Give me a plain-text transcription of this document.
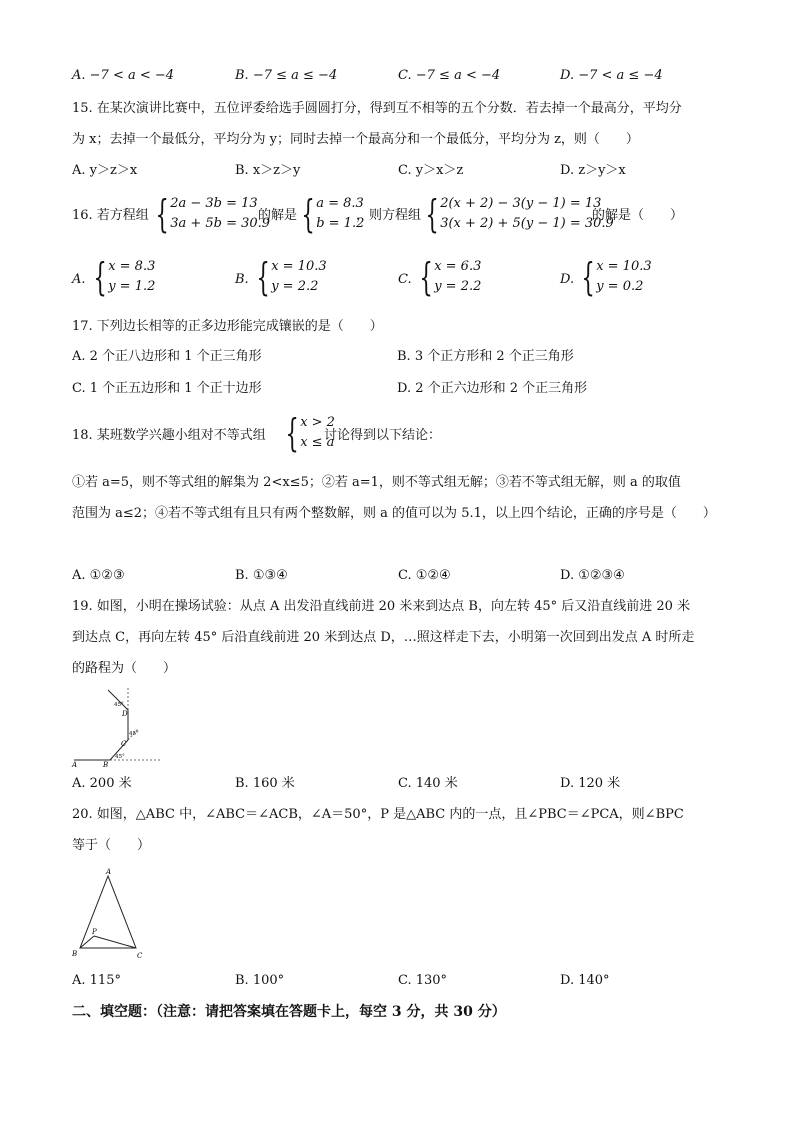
A. −7 < a < −4	B. −7 ≤ a ≤ −4	C. −7 ≤ a < −4	D. −7 < a ≤ −4
15. 在某次演讲比赛中，五位评委给选手圆圆打分，得到互不相等的五个分数．若去掉一个最高分，平均分
为 x；去掉一个最低分，平均分为 y；同时去掉一个最高分和一个最低分，平均分为 z，则（　　）
A. y＞z＞x	B. x＞z＞y	C. y＞x＞z	D. z＞y＞x
16. 若方程组 { 2a − 3b = 13
3a + 5b = 30.9
的解是 { a = 8.3
b = 1.2
，则方程组 { 2(x + 2) − 3(y − 1) = 13
3(x + 2) + 5(y − 1) = 30.9
的解是（　　）
A. { x = 8.3
y = 1.2	B. { x = 10.3
y = 2.2	C. { x = 6.3
y = 2.2	D. { x = 10.3
y = 0.2
17. 下列边长相等的正多边形能完成镶嵌的是（　　）
A. 2 个正八边形和 1 个正三角形	B. 3 个正方形和 2 个正三角形
C. 1 个正五边形和 1 个正十边形	D. 2 个正六边形和 2 个正三角形
18. 某班数学兴趣小组对不等式组 { x > 2
x ≤ a
讨论得到以下结论：
①若 a=5，则不等式组的解集为 2<x≤5；②若 a=1，则不等式组无解；③若不等式组无解，则 a 的取值
范围为 a≤2；④若不等式组有且只有两个整数解，则 a 的值可以为 5.1，以上四个结论，正确的序号是（　　）
A. ①②③	B. ①③④	C. ①②④	D. ①②③④
19. 如图，小明在操场试验：从点 A 出发沿直线前进 20 米来到达点 B，向左转 45° 后又沿直线前进 20 米
到达点 C，再向左转 45° 后沿直线前进 20 米到达点 D，…照这样走下去，小明第一次回到出发点 A 时所走
的路程为（　　）
A	B
C
D
45°
45°
45°
A. 200 米	B. 160 米	C. 140 米	D. 120 米
20. 如图，△ABC 中，∠ABC＝∠ACB，∠A＝50°，P 是△ABC 内的一点，且∠PBC＝∠PCA，则∠BPC
等于（　　）
A
B	C
P
A. 115°	B. 100°	C. 130°	D. 140°
二、填空题：（注意：请把答案填在答题卡上，每空 3 分，共 30 分）
